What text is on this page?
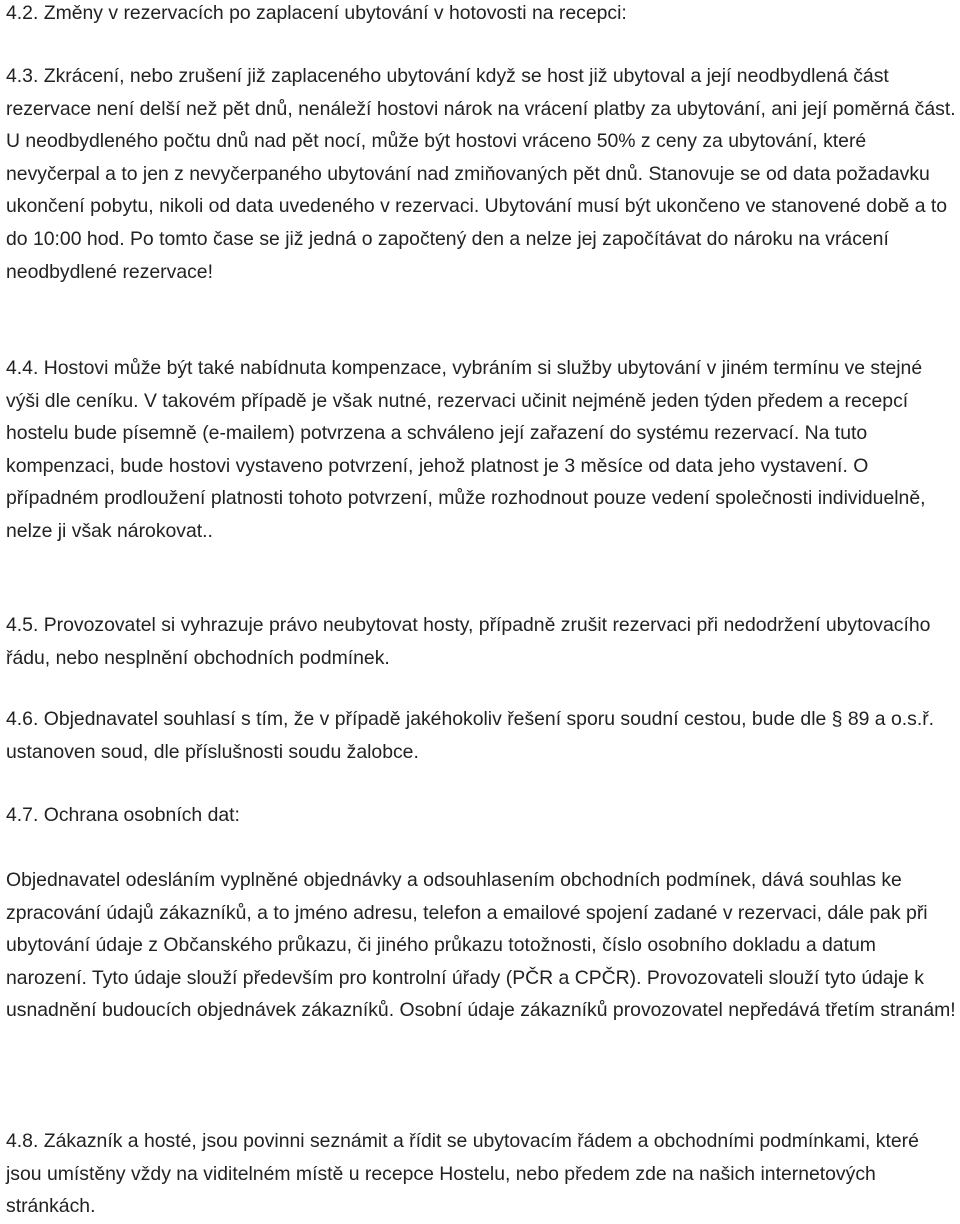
4.2. Změny v rezervacích po zaplacení ubytování v hotovosti na recepci:

4.3. Zkrácení, nebo zrušení již zaplaceného ubytování když se host již ubytoval a její neodbydlená část rezervace není delší než pět dnů, nenáleží hostovi nárok na vrácení platby za ubytování, ani její poměrná část. U neodbydleného počtu dnů nad pět nocí, může být hostovi vráceno 50% z ceny za ubytování, které nevyčerpal a to jen z nevyčerpaného ubytování nad zmiňovaných pět dnů. Stanovuje se od data požadavku ukončení pobytu, nikoli od data uvedeného v rezervaci. Ubytování musí být ukončeno ve stanovené době a to do 10:00 hod. Po tomto čase se již jedná o započtený den a nelze jej započítávat do nároku na vrácení neodbydlené rezervace!

4.4. Hostovi může být také nabídnuta kompenzace, vybráním si služby ubytování v jiném termínu ve stejné výši dle ceníku. V takovém případě je však nutné, rezervaci učinit nejméně jeden týden předem a recepcí hostelu bude písemně (e-mailem) potvrzena a schváleno její zařazení do systému rezervací. Na tuto kompenzaci, bude hostovi vystaveno potvrzení, jehož platnost je 3 měsíce od data jeho vystavení. O případném prodloužení platnosti tohoto potvrzení, může rozhodnout pouze vedení společnosti individuelně, nelze ji však nárokovat..

4.5. Provozovatel si vyhrazuje právo neubytovat hosty, případně zrušit rezervaci při nedodržení ubytovacího řádu, nebo nesplnění obchodních podmínek.

4.6. Objednavatel souhlasí s tím, že v případě jakéhokoliv řešení sporu soudní cestou, bude dle § 89 a o.s.ř. ustanoven soud, dle příslušnosti soudu žalobce.

4.7. Ochrana osobních dat:

Objednavatel odesláním vyplněné objednávky a odsouhlasením obchodních podmínek, dává souhlas ke zpracování údajů zákazníků, a to jméno adresu, telefon a emailové spojení zadané v rezervaci, dále pak při ubytování údaje z Občanského průkazu, či jiného průkazu totožnosti, číslo osobního dokladu a datum narození. Tyto údaje slouží především pro kontrolní úřady (PČR a CPČR). Provozovateli slouží tyto údaje k usnadnění budoucích objednávek zákazníků. Osobní údaje zákazníků provozovatel nepředává třetím stranám!

4.8. Zákazník a hosté, jsou povinni seznámit a řídit se ubytovacím řádem a obchodními podmínkami, které jsou umístěny vždy na viditelném místě u recepce Hostelu, nebo předem zde na našich internetových stránkách.
